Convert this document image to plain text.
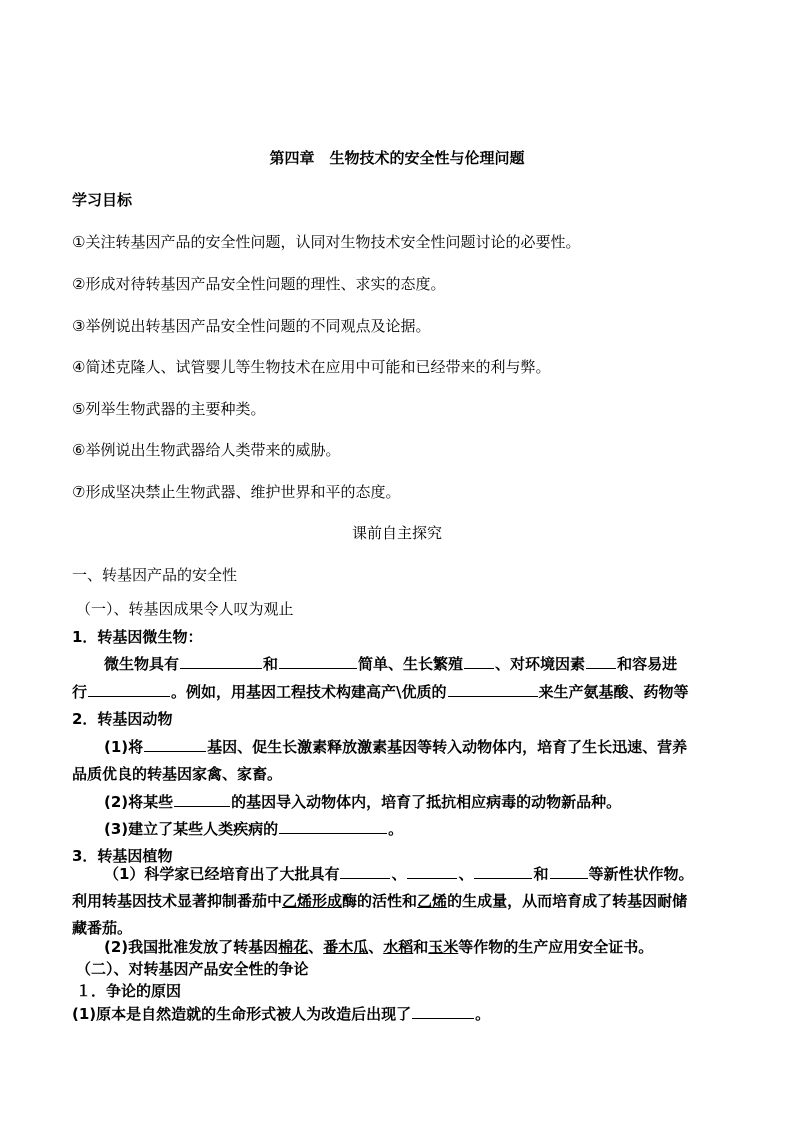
第四章　生物技术的安全性与伦理问题
学习目标
①关注转基因产品的安全性问题，认同对生物技术安全性问题讨论的必要性。
②形成对待转基因产品安全性问题的理性、求实的态度。
③举例说出转基因产品安全性问题的不同观点及论据。
④简述克隆人、试管婴儿等生物技术在应用中可能和已经带来的利与弊。
⑤列举生物武器的主要种类。
⑥举例说出生物武器给人类带来的威胁。
⑦形成坚决禁止生物武器、维护世界和平的态度。
课前自主探究
一、转基因产品的安全性
（一）、转基因成果令人叹为观止
1．转基因微生物：
微生物具有	和	简单、生长繁殖 、对环境因素 和容易进
行	。例如，用基因工程技术构建高产\优质的	来生产氨基酸、药物等
2．转基因动物
(1)将	基因、促生长激素释放激素基因等转入动物体内，培育了生长迅速、营养
品质优良的转基因家禽、家畜。
(2)将某些	的基因导入动物体内，培育了抵抗相应病毒的动物新品种。
(3)建立了某些人类疾病的	。
3．转基因植物
（1）科学家已经培育出了大批具有	、	、	和	等新性状作物。
利用转基因技术显著抑制番茄中乙烯形成酶的活性和乙烯的生成量，从而培育成了转基因耐储
藏番茄。
(2)我国批准发放了转基因棉花、番木瓜、水稻和玉米等作物的生产应用安全证书。
（二）、对转基因产品安全性的争论
１．争论的原因
(1)原本是自然造就的生命形式被人为改造后出现了	。
